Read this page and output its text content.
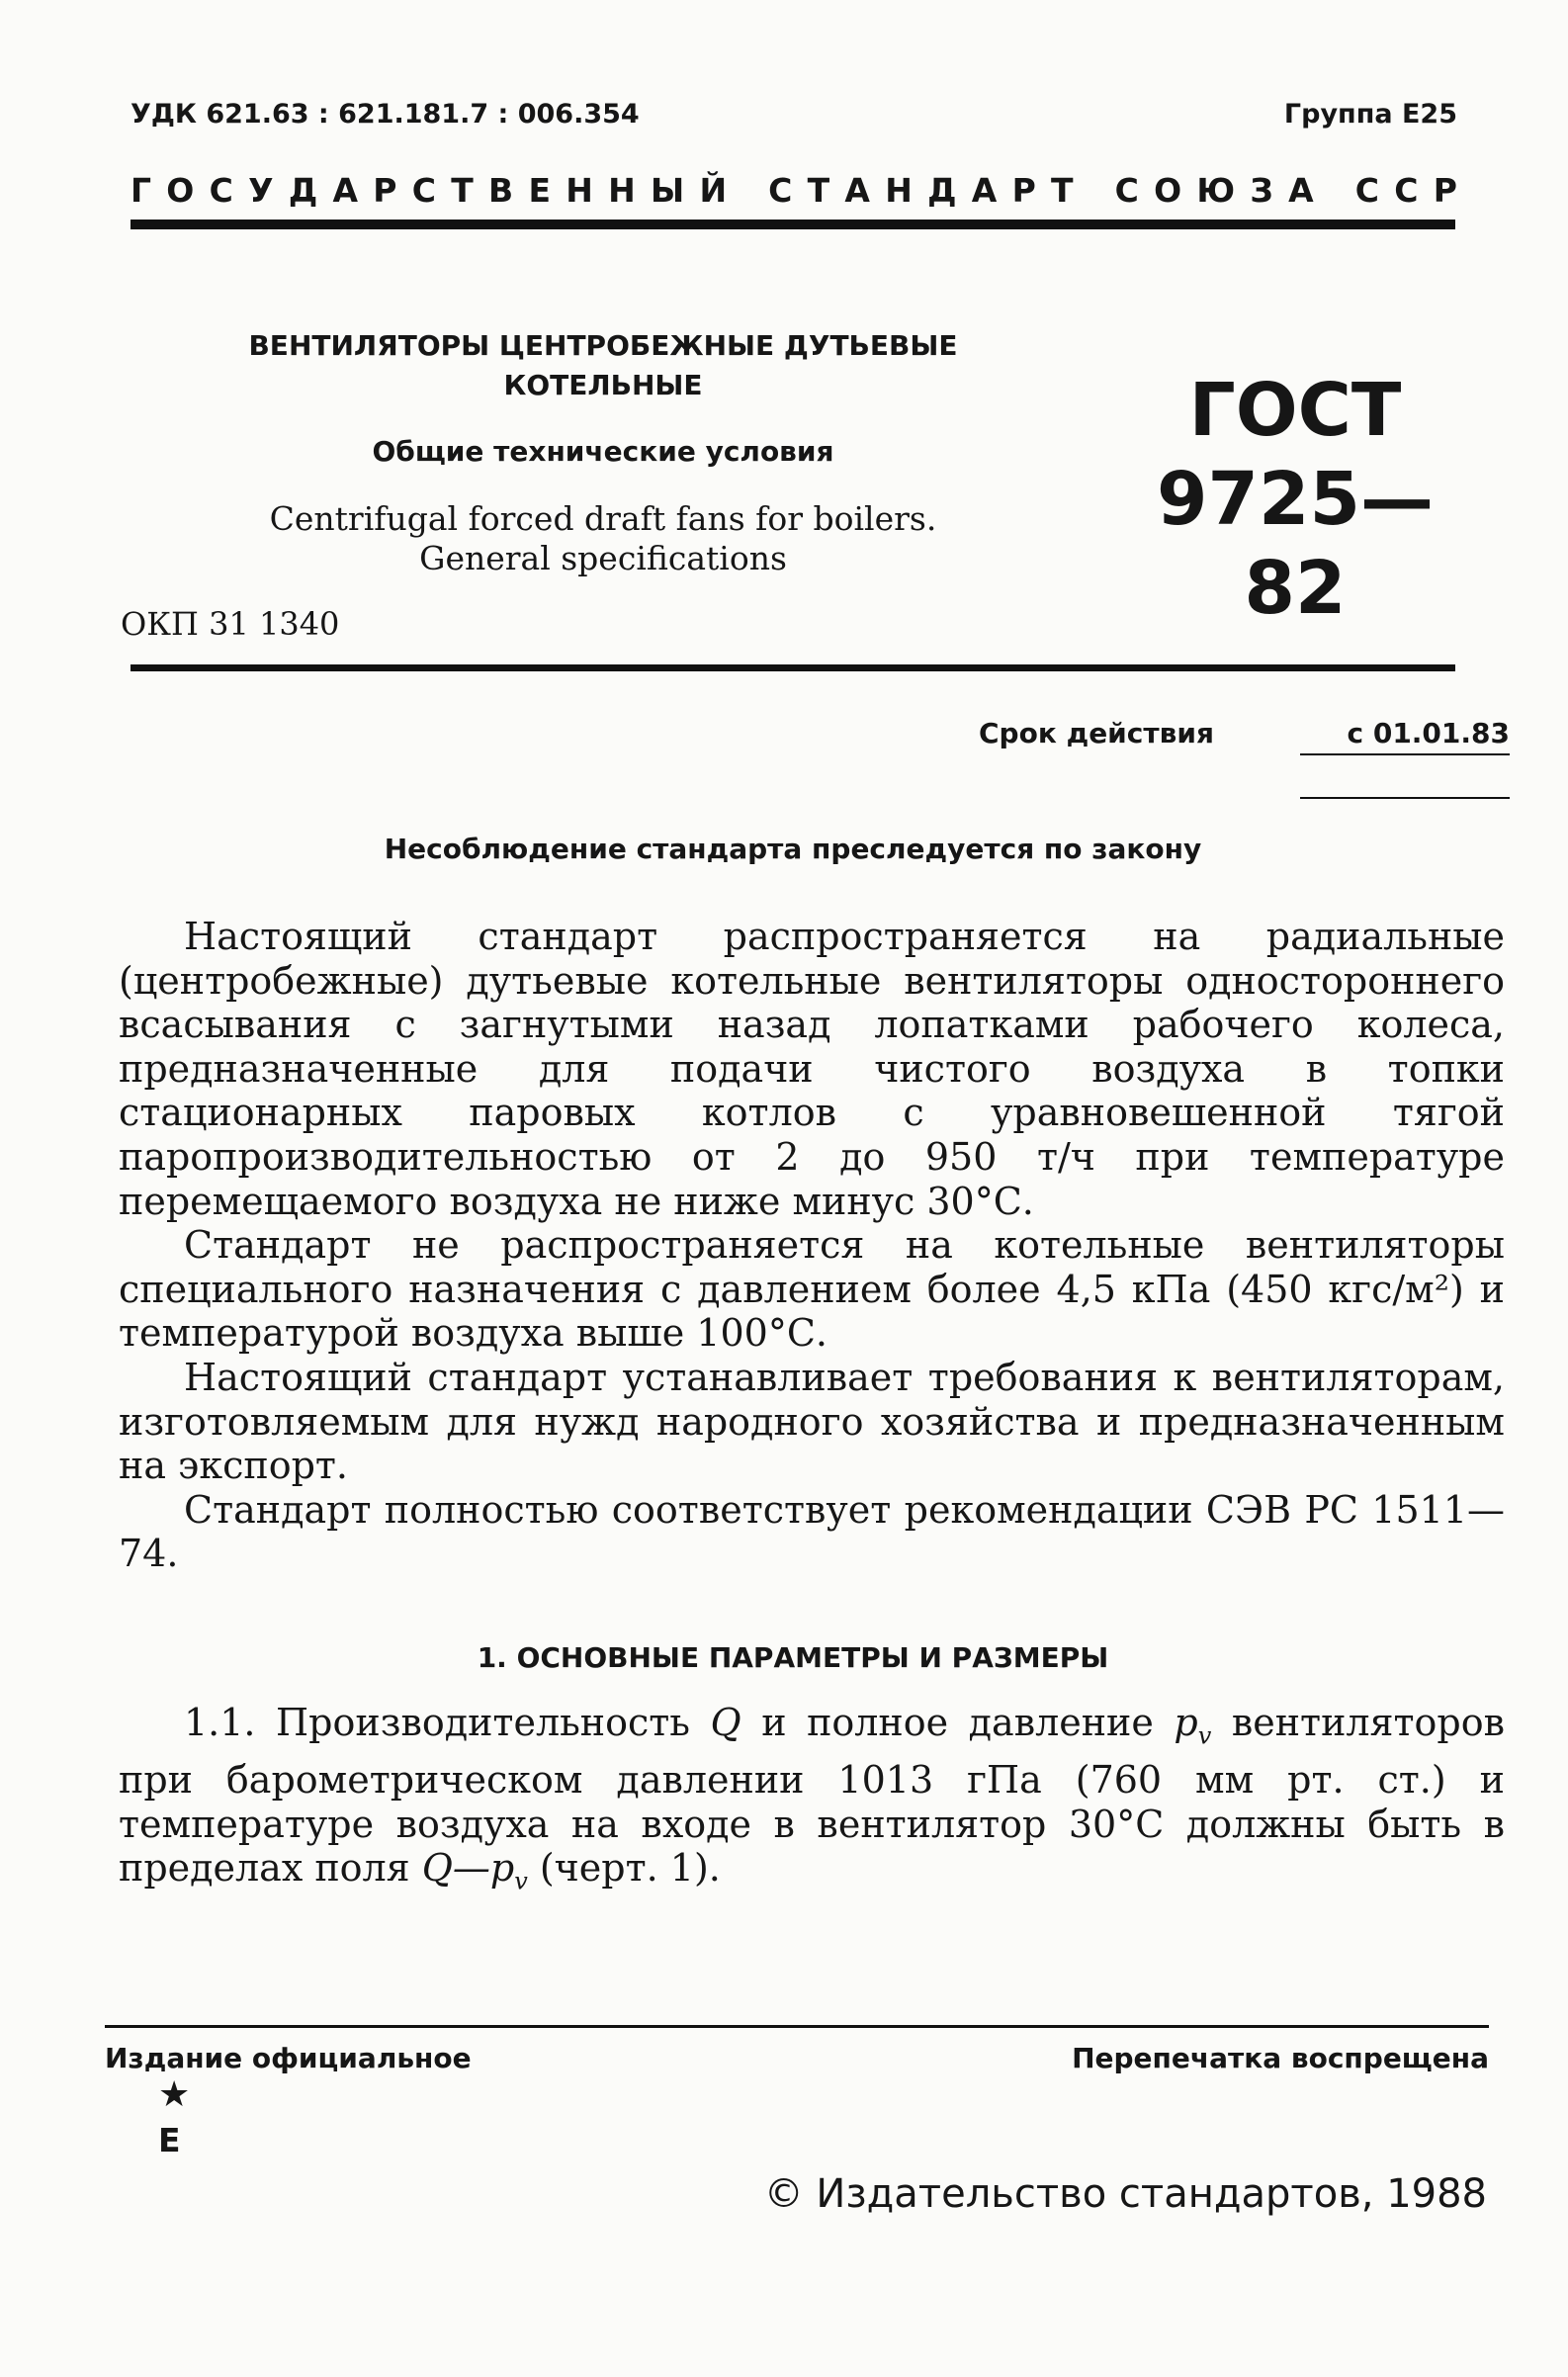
УДК 621.63 : 621.181.7 : 006.354	Группа Е25
Г О С У Д А Р С Т В Е Н Н Ы Й
С Т А Н Д А Р Т
С О Ю З А
С С Р
ВЕНТИЛЯТОРЫ ЦЕНТРОБЕЖНЫЕ ДУТЬЕВЫЕ
КОТЕЛЬНЫЕ
Общие технические условия
Centrifugal forced draft fans for boilers.
General specifications
ГОСТ
9725—82
ОКП 31 1340
Срок действия	с 01.01.83
Несоблюдение стандарта преследуется по закону

Настоящий стандарт распространяется на радиальные (центробежные) дутьевые котельные вентиляторы одностороннего всасывания с загнутыми назад лопатками рабочего колеса, предназначенные для подачи чистого воздуха в топки стационарных паровых котлов с уравновешенной тягой паропроизводительностью от 2 до 950 т/ч при температуре перемещаемого воздуха не ниже минус 30°С.

Стандарт не распространяется на котельные вентиляторы специального назначения с давлением более 4,5 кПа (450 кгс/м²) и температурой воздуха выше 100°С.

Настоящий стандарт устанавливает требования к вентиляторам, изготовляемым для нужд народного хозяйства и предназначенным на экспорт.

Стандарт полностью соответствует рекомендации СЭВ РС 1511—74.

1. ОСНОВНЫЕ ПАРАМЕТРЫ И РАЗМЕРЫ

1.1. Производительность Q и полное давление $p_v$ вентиляторов при барометрическом давлении 1013 гПа (760 мм рт. ст.) и температуре воздуха на входе в вентилятор 30°С должны быть в пределах поля $Q—p_v$ (черт. 1).

Издание официальное	Перепечатка воспрещена
★
Е
© Издательство стандартов, 1988
